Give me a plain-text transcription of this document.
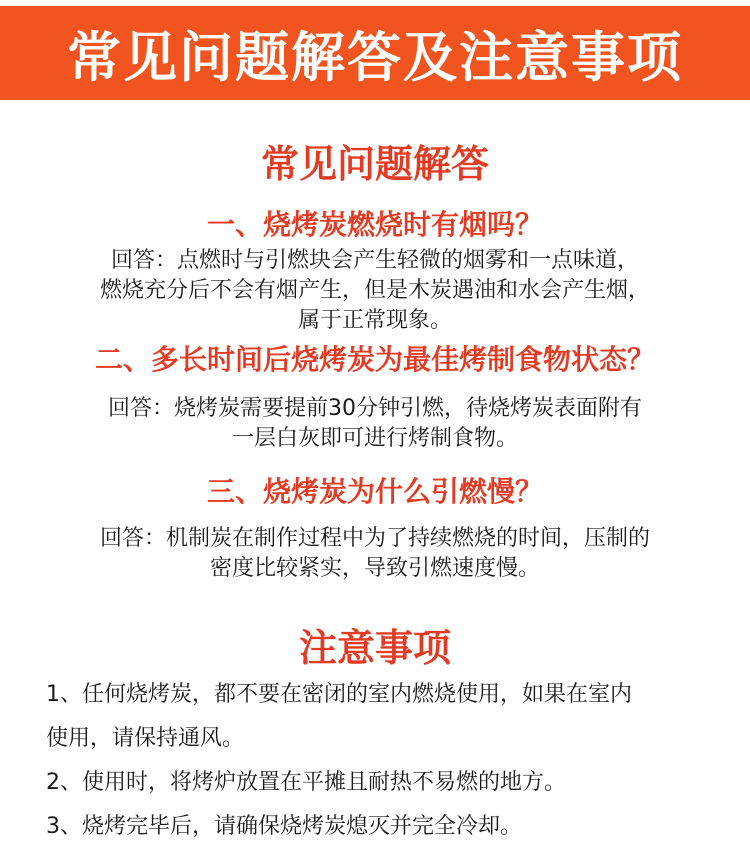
常见问题解答及注意事项
常见问题解答
一、烧烤炭燃烧时有烟吗？
回答：点燃时与引燃块会产生轻微的烟雾和一点味道，
燃烧充分后不会有烟产生，但是木炭遇油和水会产生烟，
属于正常现象。
二、多长时间后烧烤炭为最佳烤制食物状态？
回答：烧烤炭需要提前30分钟引燃，待烧烤炭表面附有
一层白灰即可进行烤制食物。
三、烧烤炭为什么引燃慢？
回答：机制炭在制作过程中为了持续燃烧的时间，压制的
密度比较紧实，导致引燃速度慢。
注意事项
1、任何烧烤炭，都不要在密闭的室内燃烧使用，如果在室内
使用，请保持通风。
2、使用时，将烤炉放置在平摊且耐热不易燃的地方。
3、烧烤完毕后，请确保烧烤炭熄灭并完全冷却。
